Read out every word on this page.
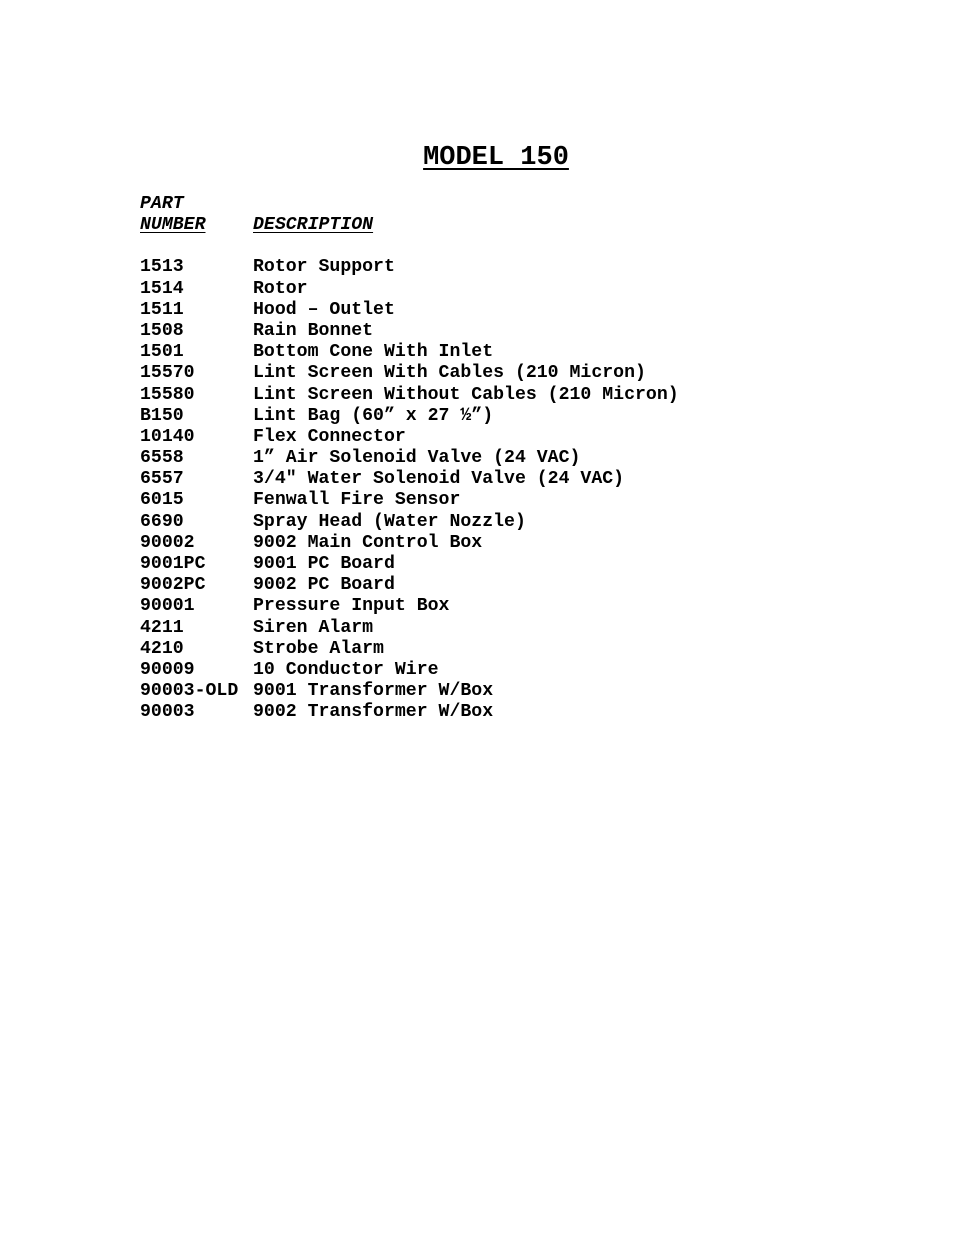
MODEL 150
PART
NUMBER	DESCRIPTION
1513	Rotor Support
1514	Rotor
1511	Hood – Outlet
1508	Rain Bonnet
1501	Bottom Cone With Inlet
15570	Lint Screen With Cables (210 Micron)
15580	Lint Screen Without Cables (210 Micron)
B150	Lint Bag (60” x 27 ½”)
10140	Flex Connector
6558	1” Air Solenoid Valve (24 VAC)
6557	3/4" Water Solenoid Valve (24 VAC)
6015	Fenwall Fire Sensor
6690	Spray Head (Water Nozzle)
90002	9002 Main Control Box
9001PC	9001 PC Board
9002PC	9002 PC Board
90001	Pressure Input Box
4211	Siren Alarm
4210	Strobe Alarm
90009	10 Conductor Wire
90003-OLD 9001 Transformer W/Box
90003	9002 Transformer W/Box
